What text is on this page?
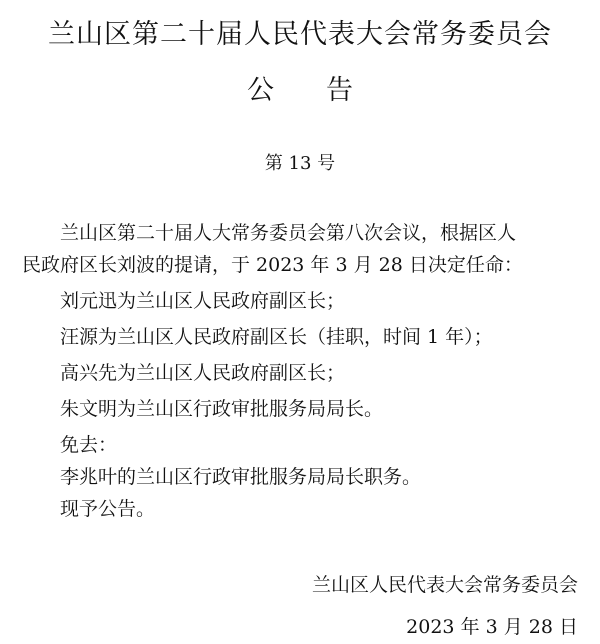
兰山区第二十届人民代表大会常务委员会
公告
第 13 号
兰山区第二十届人大常务委员会第八次会议，根据区人
民政府区长刘波的提请，于 2023 年 3 月 28 日决定任命：
刘元迅为兰山区人民政府副区长；
汪源为兰山区人民政府副区长（挂职，时间 1 年）；
高兴先为兰山区人民政府副区长；
朱文明为兰山区行政审批服务局局长。
免去：
李兆叶的兰山区行政审批服务局局长职务。
现予公告。
兰山区人民代表大会常务委员会
2023 年 3 月 28 日
